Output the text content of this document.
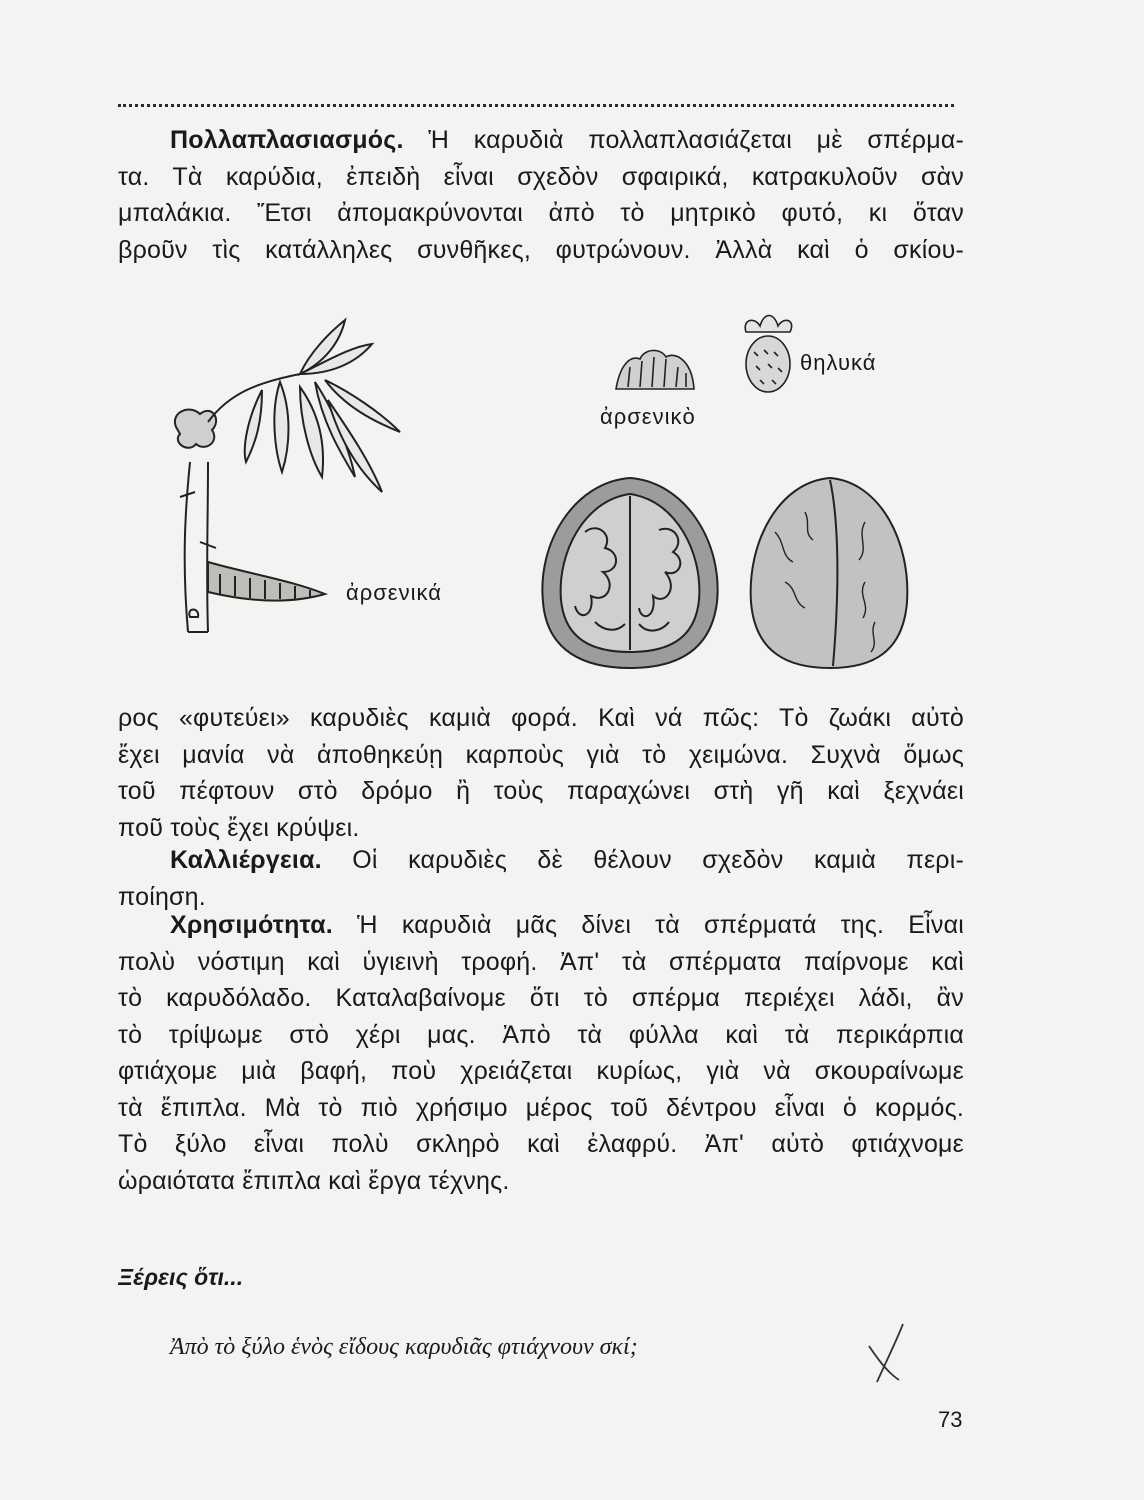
Πολλαπλασιασμός. Ἡ καρυδιὰ πολλαπλασιάζεται μὲ σπέρμα-
τα. Τὰ καρύδια, ἐπειδὴ εἶναι σχεδὸν σφαιρικά, κατρακυλοῦν σὰν
μπαλάκια. Ἔτσι ἀπομακρύνονται ἀπὸ τὸ μητρικὸ φυτό, κι ὅταν
βροῦν τὶς κατάλληλες συνθῆκες, φυτρώνουν. Ἀλλὰ καὶ ὁ σκίου-
ἀρσενικά
ἀρσενικὸ
θηλυκά
ρος «φυτεύει» καρυδιὲς καμιὰ φορά. Καὶ νά πῶς: Τὸ ζωάκι αὐτὸ
ἔχει μανία νὰ ἀποθηκεύῃ καρποὺς γιὰ τὸ χειμώνα. Συχνὰ ὅμως
τοῦ πέφτουν στὸ δρόμο ἢ τοὺς παραχώνει στὴ γῆ καὶ ξεχνάει
ποῦ τοὺς ἔχει κρύψει.
Καλλιέργεια. Οἱ καρυδιὲς δὲ θέλουν σχεδὸν καμιὰ περι-
ποίηση.
Χρησιμότητα. Ἡ καρυδιὰ μᾶς δίνει τὰ σπέρματά της. Εἶναι
πολὺ νόστιμη καὶ ὑγιεινὴ τροφή. Ἀπ' τὰ σπέρματα παίρνομε καὶ
τὸ καρυδόλαδο. Καταλαβαίνομε ὅτι τὸ σπέρμα περιέχει λάδι, ἂν
τὸ τρίψωμε στὸ χέρι μας. Ἀπὸ τὰ φύλλα καὶ τὰ περικάρπια
φτιάχομε μιὰ βαφή, ποὺ χρειάζεται κυρίως, γιὰ νὰ σκουραίνωμε
τὰ ἔπιπλα. Μὰ τὸ πιὸ χρήσιμο μέρος τοῦ δέντρου εἶναι ὁ κορμός.
Τὸ ξύλο εἶναι πολὺ σκληρὸ καὶ ἐλαφρύ. Ἀπ' αὐτὸ φτιάχνομε
ὡραιότατα ἔπιπλα καὶ ἔργα τέχνης.
Ξέρεις ὅτι...
Ἀπὸ τὸ ξύλο ἑνὸς εἴδους καρυδιᾶς φτιάχνουν σκί;
73
